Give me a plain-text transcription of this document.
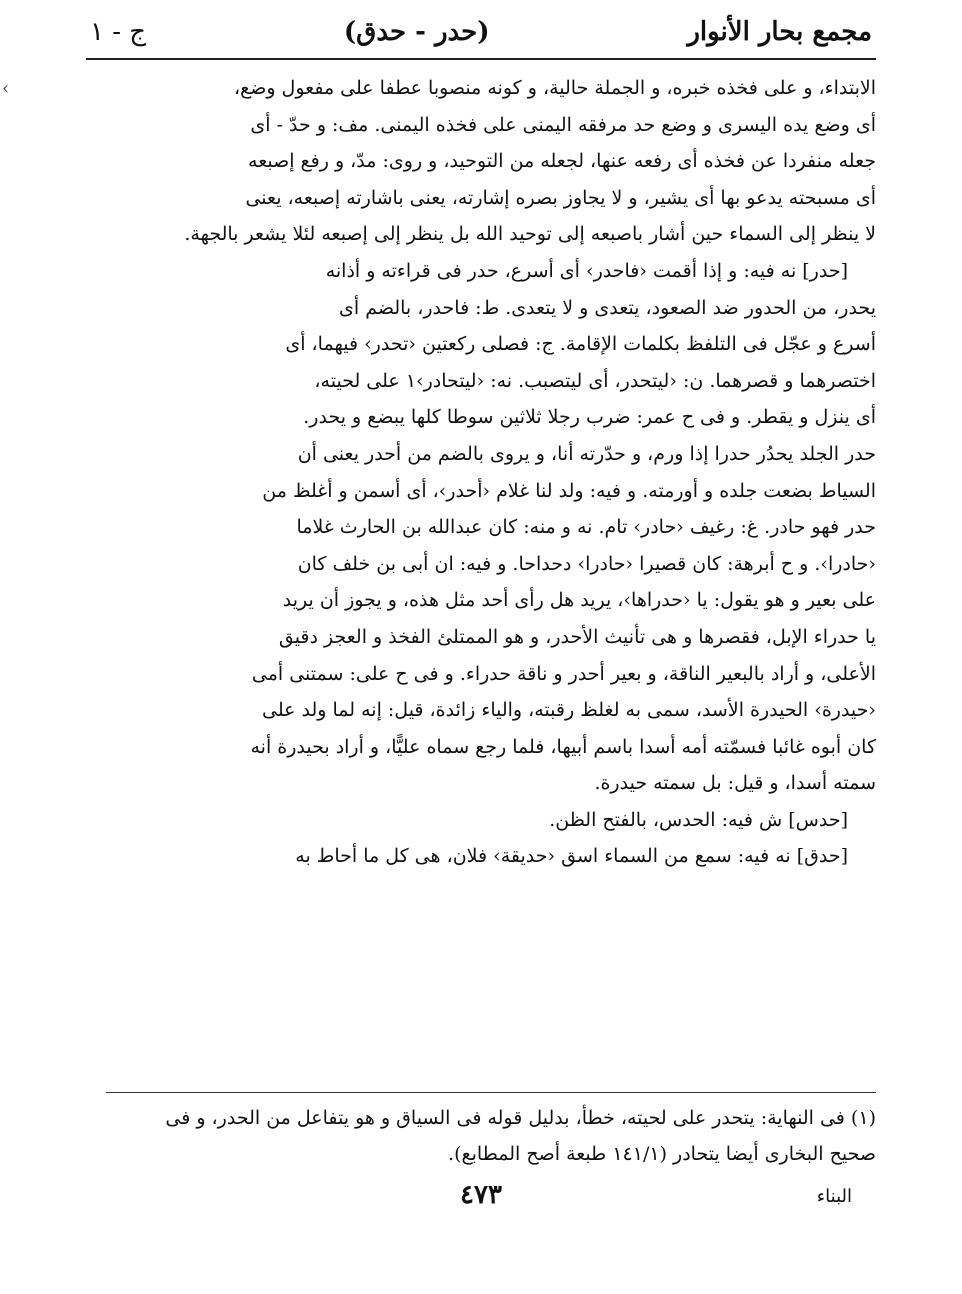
مجمع بحار الأنوار
(حدر - حدق)
ج - ١
‹	الابتداء، و على فخذه خبره، و الجملة حالية، و كونه منصوبا عطفا على مفعول وضع،

أى وضع يده اليسرى و وضع حد مرفقه اليمنى على فخذه اليمنى. مف: و حدّ - أى

جعله منفردا عن فخذه أى رفعه عنها، لجعله من التوحيد، و روى: مدّ، و رفع إصبعه

أى مسبحته يدعو بها أى يشير، و لا يجاوز بصره إشارته، يعنى باشارته إصبعه، يعنى

لا ينظر إلى السماء حين أشار باصبعه إلى توحيد الله بل ينظر إلى إصبعه لئلا يشعر بالجهة.

[حدر] نه فيه: و إذا أقمت ‹فاحدر› أى أسرع، حدر فى قراءته و أذانه

يحدر، من الحدور ضد الصعود، يتعدى و لا يتعدى. ط: فاحدر، بالضم أى

أسرع و عجّل فى التلفظ بكلمات الإقامة. ج: فصلى ركعتين ‹تحدر› فيهما، أى

اختصرهما و قصرهما. ن: ‹ليتحدر، أى ليتصبب. نه: ‹ليتحادر›١ على لحيته،

أى ينزل و يقطر. و فى ح عمر: ضرب رجلا ثلاثين سوطا كلها يبضع و يحدر.

حدر الجلد يحدُر حدرا إذا ورم، و حدّرته أنا، و يروى بالضم من أحدر يعنى أن

السياط بضعت جلده و أورمته. و فيه: ولد لنا غلام ‹أحدر›، أى أسمن و أغلظ من

حدر فهو حادر. غ: رغيف ‹حادر› تام. نه و منه: كان عبدالله بن الحارث غلاما

‹حادرا›. و ح أبرهة: كان قصيرا ‹حادرا› دحداحا. و فيه: ان أبى بن خلف كان

على بعير و هو يقول: يا ‹حدراها›، يريد هل رأى أحد مثل هذه، و يجوز أن يريد

يا حدراء الإبل، فقصرها و هى تأنيث الأحدر، و هو الممتلئ الفخذ و العجز دقيق

الأعلى، و أراد بالبعير الناقة، و بعير أحدر و ناقة حدراء. و فى ح على: سمتنى أمى

‹حيدرة› الحيدرة الأسد، سمى به لغلظ رقبته، والياء زائدة، قيل: إنه لما ولد على

كان أبوه غائبا فسمّته أمه أسدا باسم أبيها، فلما رجع سماه عليًّا، و أراد بحيدرة أنه

سمته أسدا، و قيل: بل سمته حيدرة.

[حدس] ش فيه: الحدس، بالفتح الظن.

[حدق] نه فيه: سمع من السماء اسق ‹حديقة› فلان، هى كل ما أحاط به

(١) فى النهاية: يتحدر على لحيته، خطأ، بدليل قوله فى السياق و هو يتفاعل من الحدر، و فى

صحيح البخارى أيضا يتحادر (١٤١/١ طبعة أصح المطابع).

٤٧٣	البناء
